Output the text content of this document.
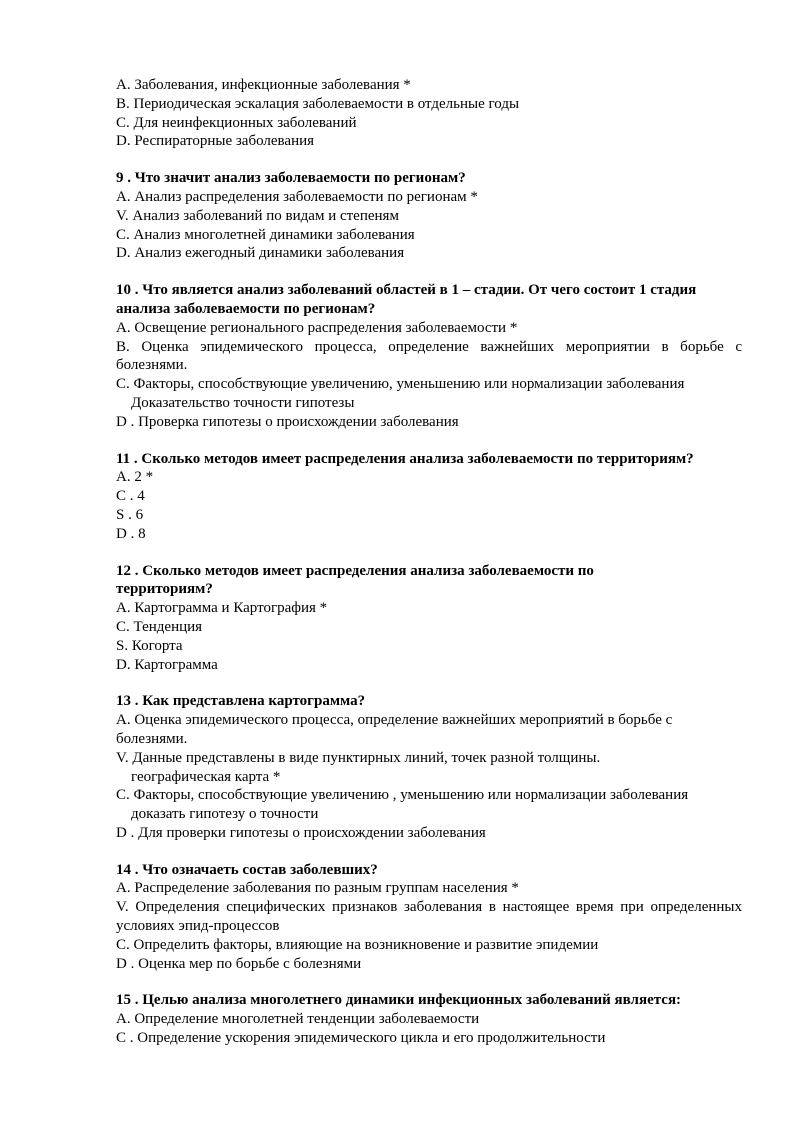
A. Заболевания, инфекционные заболевания *
B. Периодическая эскалация заболеваемости в отдельные годы
C. Для неинфекционных заболеваний
D. Респираторные заболевания
9 . Что значит анализ заболеваемости по регионам?
A. Анализ распределения заболеваемости по регионам *
V. Анализ заболеваний по видам и степеням
C. Анализ многолетней динамики заболевания
D. Анализ ежегодный динамики заболевания
10 . Что является анализ заболеваний областей в 1 – стадии. От чего состоит 1 стадия
анализа заболеваемости по регионам?
A. Освещение регионального распределения заболеваемости *
B. Оценка эпидемического процесса, определение важнейших мероприятии в борьбе с болезнями.
C. Факторы, способствующие увеличению, уменьшению или нормализации заболевания
Доказательство точности гипотезы
D . Проверка гипотезы о происхождении заболевания
11 . Сколько методов имеет распределения анализа заболеваемости по территориям?
A. 2 *
C . 4
S . 6
D . 8
12 . Сколько методов имеет распределения анализа заболеваемости по
территориям?
A. Картограмма и Картография *
C. Тенденция
S. Когорта
D. Картограмма
13 . Как представлена картограмма?
A. Оценка эпидемического процесса, определение важнейших мероприятий в борьбе с
болезнями.
V. Данные представлены в виде пунктирных линий, точек разной толщины.
географическая карта *
C. Факторы, способствующие увеличению , уменьшению или нормализации заболевания
доказать гипотезу о точности
D . Для проверки гипотезы о происхождении заболевания
14 . Что означаеть состав заболевших?
A. Распределение заболевания по разным группам населения *
V. Определения специфических признаков заболевания в настоящее время при определенных условиях эпид-процессов
C. Определить факторы, влияющие на возникновение и развитие эпидемии
D . Оценка мер по борьбе с болезнями
15 . Целью анализа многолетнего динамики инфекционных заболеваний является:
A. Определение многолетней тенденции заболеваемости
C . Определение ускорения эпидемического цикла и его продолжительности
